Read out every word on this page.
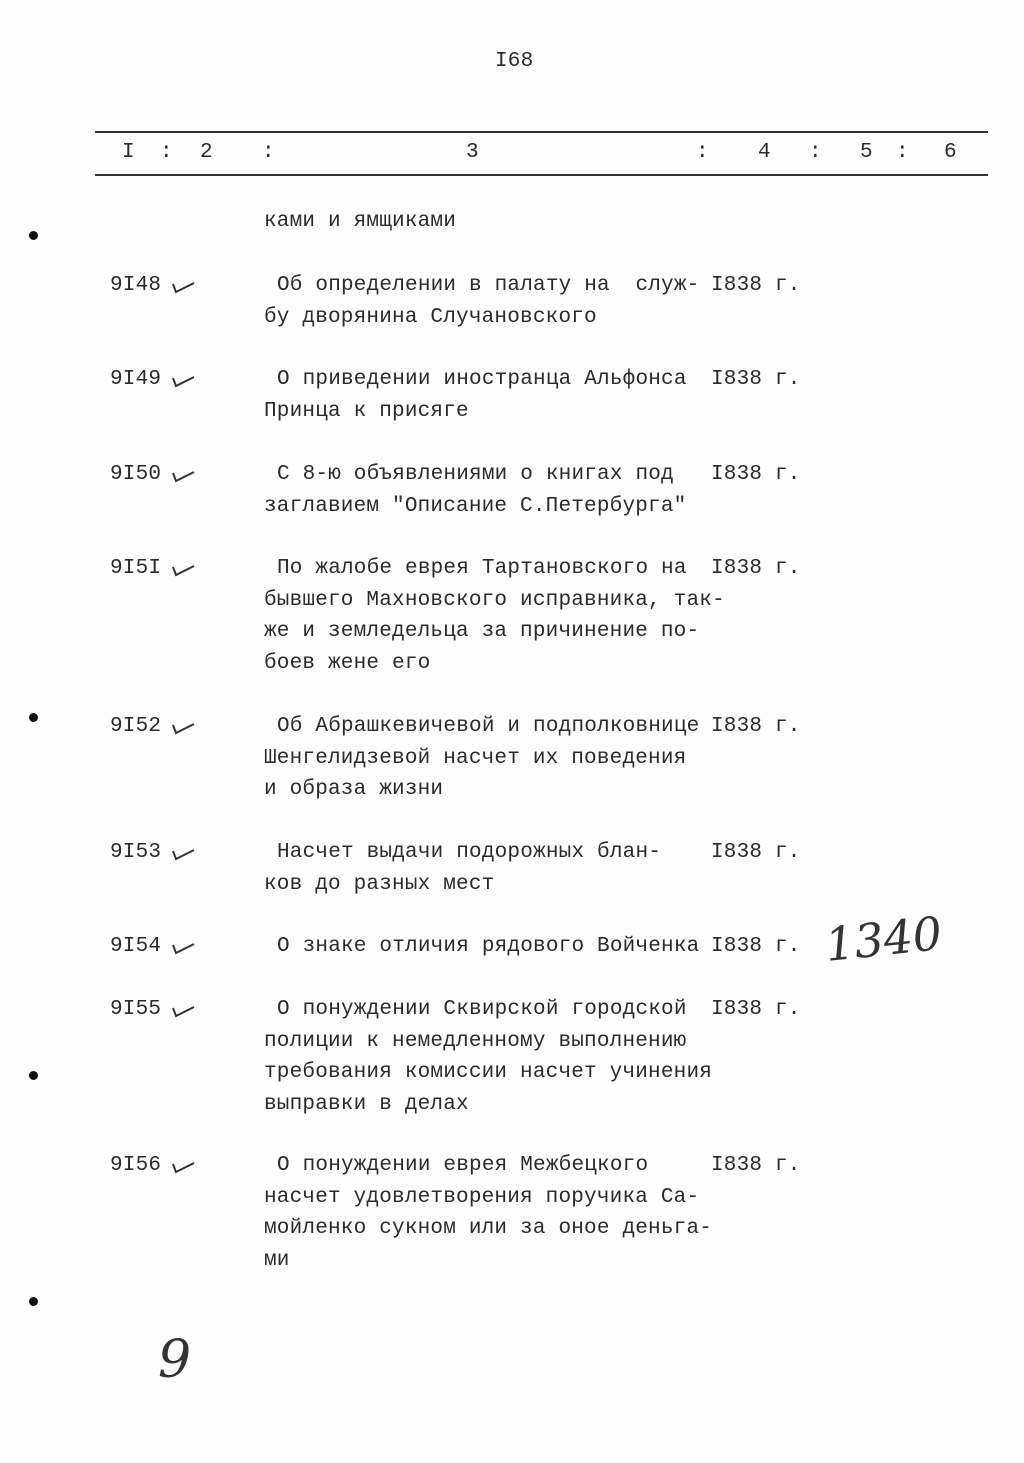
I68
I : 2 :	3	: 4 : 5 : 6
ками и ямщиками
9I48	Об определении в палату на  служ-
бу дворянина Случановского
I838 г.
9I49	О приведении иностранца Альфонса
Принца к присяге
I838 г.
9I50	С 8-ю объявлениями о книгах под
заглавием "Описание С.Петербурга"
I838 г.
9I5I	По жалобе еврея Тартановского на
бывшего Махновского исправника, так-
же и земледельца за причинение по-
боев жене его
I838 г.
9I52	Об Абрашкевичевой и подполковнице
Шенгелидзевой насчет их поведения
и образа жизни
I838 г.
9I53	Насчет выдачи подорожных блан-
ков до разных мест
I838 г.
9I54	О знаке отличия рядового Войченка I838 г.
9I55	О понуждении Сквирской городской
полиции к немедленному выполнению
требования комиссии насчет учинения
выправки в делах
I838 г.
9I56	О понуждении еврея Межбецкого
насчет удовлетворения поручика Са-
мойленко сукном или за оное деньга-
ми
I838 г.
1340
9
